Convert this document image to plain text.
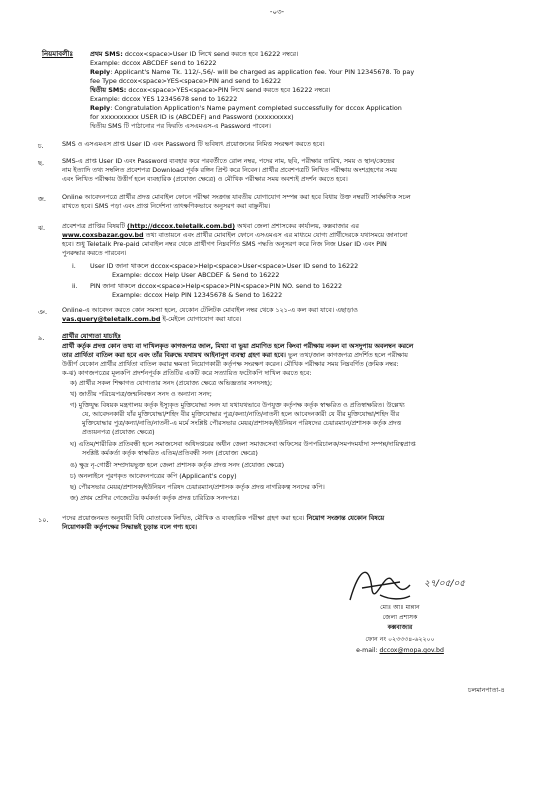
-০৩-
নিয়মাবলীঃ	প্রথম SMS: dccox<space>User ID লিখে send করতে হবে 16222 নম্বরে।
Example: dccox ABCDEF send to 16222
Reply: Applicant's Name Tk. 112/-,56/- will be charged as application fee. Your PIN 12345678. To pay
fee Type dccox<space>YES<space>PIN and send to 16222
দ্বিতীয় SMS: dccox<space>YES<space>PIN লিখে send করতে হবে 16222 নম্বরে।
Example: dccox YES 12345678 send to 16222
Reply: Congratulation Application's Name payment completed successfully for dccox Application
for xxxxxxxxxx USER ID is (ABCDEF) and Password (xxxxxxxxx)
দ্বিতীয় SMS টি পাঠানোর পর ফিরতি এসএমএস-এ Password পাবেন।
চ.	SMS ও এসএমএস প্রাপ্ত User ID এবং Password টি ভবিষ্যৎ প্রয়োজনের নিমিত্ত সংরক্ষণ করতে হবে।
ছ.	SMS-এ প্রাপ্ত User ID এবং Password ব্যবহার করে পরবর্তীতে রোল নম্বর, পদের নাম, ছবি, পরীক্ষার তারিখ, সময় ও স্থান/কেন্দ্রের
নাম ইত্যাদি তথ্য সম্বলিত প্রবেশপত্র Download পূর্বক রঙ্গিন প্রিন্ট করে নিবেন। প্রার্থীর প্রবেশপত্রটি লিখিত পরীক্ষায় অংশগ্রহণের সময়
এবং লিখিত পরীক্ষায় উত্তীর্ণ হলে ব্যবহারিক (প্রযোজ্য ক্ষেত্রে) ও মৌখিক পরীক্ষার সময় অবশ্যই প্রদর্শন করতে হবে।
জ.	Online আবেদনপত্রে প্রার্থীর প্রদত্ত মোবাইল ফোনে পরীক্ষা সংক্রান্ত যাবতীয় যোগাযোগ সম্পন্ন করা হবে বিধায় উক্ত নম্বরটি সার্বক্ষণিক সচল
রাখতে হবে। SMS পড়া এবং প্রাপ্ত নির্দেশনা তাৎক্ষণিকভাবে অনুসরণ করা বাঞ্ছনীয়।
ঝ.	প্রবেশপত্র প্রাপ্তির বিষয়টি (http://dccox.teletalk.com.bd) অথবা জেলা প্রশাসকের কার্যালয়, কক্সবাজার এর
www.coxsbazar.gov.bd তথ্য বাতায়নে এবং প্রার্থীর মোবাইল ফোনে এসএমএস এর মাধ্যমে যোগ্য প্রার্থীদেরকে যথাসময়ে জানানো
হবে। শুধু Teletalk Pre-paid মোবাইল নম্বর থেকে প্রার্থীগণ নিম্নবর্ণিত SMS পদ্ধতি অনুসরণ করে নিজ নিজ User ID এবং PIN
পুনরুদ্ধার করতে পারবেন।
i. User ID জানা থাকলে dccox<space>Help<space>User<space>User ID send to 16222
Example: dccox Help User ABCDEF & Send to 16222
ii. PIN জানা থাকলে dccox<space>Help<space>PIN<space>PIN NO. send to 16222
Example: dccox Help PIN 12345678 & Send to 16222
ঞ. Online-এ আবেদন করতে কোন সমস্যা হলে, যেকোন টেলিটক মোবাইল নম্বর থেকে ১২১-এ কল করা যাবে। এছাড়াও
vas.query@teletalk.com.bd ই-মেইলে যোগাযোগ করা যাবে।
৯.	প্রার্থীর যোগ্যতা যাচাইঃ
প্রার্থী কর্তৃক প্রদত্ত কোন তথ্য বা দাখিলকৃত কাগজপত্র জাল, মিথ্যা বা ভুয়া প্রমাণিত হলে কিংবা পরীক্ষায় নকল বা অসদুপায় অবলম্বন করলে
তার প্রার্থিতা বাতিল করা হবে এবং তাঁর বিরুদ্ধে যথাযথ আইনানুগ ব্যবস্থা গ্রহণ করা হবে। ভুল তথ্য/জাল কাগজপত্র প্রদর্শিত হলে পরীক্ষায়
উত্তীর্ণ যেকোন প্রার্থীর প্রার্থিতা বাতিল করার ক্ষমতা নিয়োগকারী কর্তৃপক্ষ সংরক্ষণ করেন। মৌখিক পরীক্ষার সময় নিম্নবর্ণিত (ক্রমিক নম্বর:
ক-ঝ) কাগজপত্রের মূলকপি প্রদর্শনপূর্বক প্রতিটির একটি করে সত্যায়িত ফটোকপি দাখিল করতে হবে:
ক) প্রার্থীর সকল শিক্ষাগত যোগ্যতার সনদ (প্রযোজ্য ক্ষেত্রে অভিজ্ঞতার সনদসহ);
খ) জাতীয় পরিচয়পত্র/জন্মনিবন্ধন সনদ ও অন্যান্য সনদ;
গ) মুক্তিযুদ্ধ বিষয়ক মন্ত্রণালয় কর্তৃক ইস্যুকৃত মুক্তিযোদ্ধা সনদ যা যথাযথভাবে উপযুক্ত কর্তৃপক্ষ কর্তৃক স্বাক্ষরিত ও প্রতিস্বাক্ষরিত। উল্লেখ্য
যে, আবেদনকারী যাঁর মুক্তিযোদ্ধা/শহিদ বীর মুক্তিযোদ্ধার পুত্র/কন্যা/নাতি/নাতনী হলে আবেদনকারী যে বীর মুক্তিযোদ্ধা/শহিদ বীর
মুক্তিযোদ্ধার পুত্র/কন্যা/নাতি/নাতনী-এ মর্মে সংশ্লিষ্ট পৌরসভার মেয়র/প্রশাসক/ইউনিয়ন পরিষদের চেয়ারম্যান/প্রশাসক কর্তৃক প্রদত্ত
প্রত্যয়নপত্র (প্রযোজ্য ক্ষেত্রে)
ঘ) এতিম/শারীরিক প্রতিবন্ধী হলে সমাজসেবা অধিদপ্তরের অধীন জেলা সমাজসেবা অফিসের উপপরিচালক/সমপদমর্যাদা সম্পন্ন/দায়িত্বপ্রাপ্ত
সংশ্লিষ্ট কর্মকর্তা কর্তৃক স্বাক্ষরিত এতিম/প্রতিবন্ধী সনদ (প্রযোজ্য ক্ষেত্রে)
ঙ) ক্ষুদ্র নৃ-গোষ্ঠী সম্প্রদায়ভুক্ত হলে জেলা প্রশাসক কর্তৃক প্রদত্ত সনদ (প্রযোজ্য ক্ষেত্রে)
চ) অনলাইনে পূরণকৃত আবেদনপত্রের কপি (Applicant's copy)
ছ) পৌরসভার মেয়র/প্রশাসক/ইউনিয়ন পরিষদ চেয়ারম্যান/প্রশাসক কর্তৃক প্রদত্ত নাগরিকত্ব সনদের কপি।
জ) প্রথম শ্রেণির গেজেটেড কর্মকর্তা কর্তৃক প্রদত্ত চারিত্রিক সনদপত্র।
১০. পদের প্রয়োজনমত অনুযায়ী বিধি মোতাবেক লিখিত, মৌখিক ও ব্যবহারিক পরীক্ষা গ্রহণ করা হবে। নিয়োগ সংক্রান্ত যেকোন বিষয়ে
নিয়োগকারী কর্তৃপক্ষের সিদ্ধান্তই চূড়ান্ত বলে গণ্য হবে।
২৭/০৫/০৫
মোঃ আঃ মান্নান
জেলা প্রশাসক
কক্সবাজার
ফোন নং ০২৩৩৩৪-৬২২০০
e-mail: dccox@mopa.gov.bd
চলমানপাতা-৪
